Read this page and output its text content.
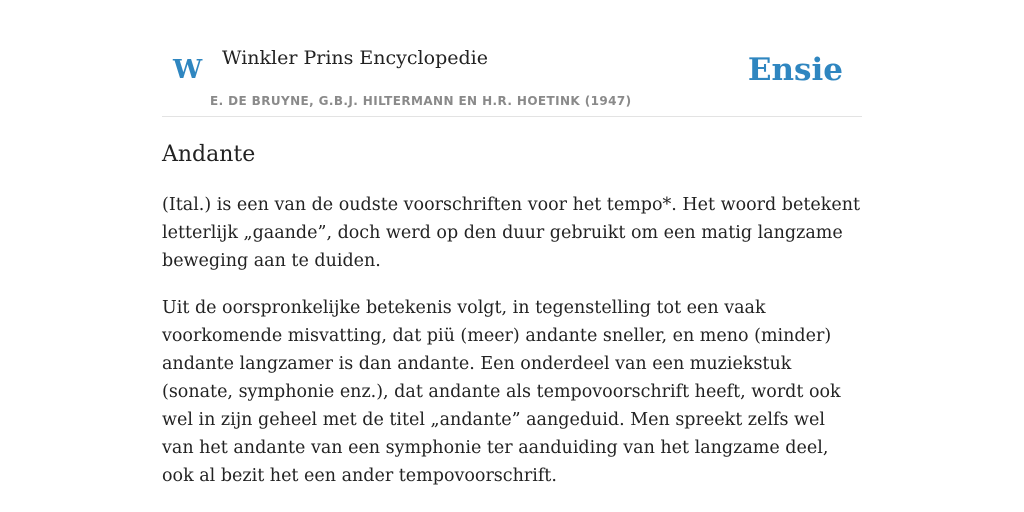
W Winkler Prins Encyclopedie
E. DE BRUYNE, G.B.J. HILTERMANN EN H.R. HOETINK (1947)
Ensie
Andante

(Ital.) is een van de oudste voorschriften voor het tempo*. Het woord betekent letterlijk „gaande”, doch werd op den duur gebruikt om een matig langzame beweging aan te duiden.

Uit de oorspronkelijke betekenis volgt, in tegenstelling tot een vaak voorkomende misvatting, dat piü (meer) andante sneller, en meno (minder) andante langzamer is dan andante. Een onderdeel van een muziekstuk (sonate, symphonie enz.), dat andante als tempovoorschrift heeft, wordt ook wel in zijn geheel met de titel „andante” aangeduid. Men spreekt zelfs wel van het andante van een symphonie ter aanduiding van het langzame deel, ook al bezit het een ander tempovoorschrift.
